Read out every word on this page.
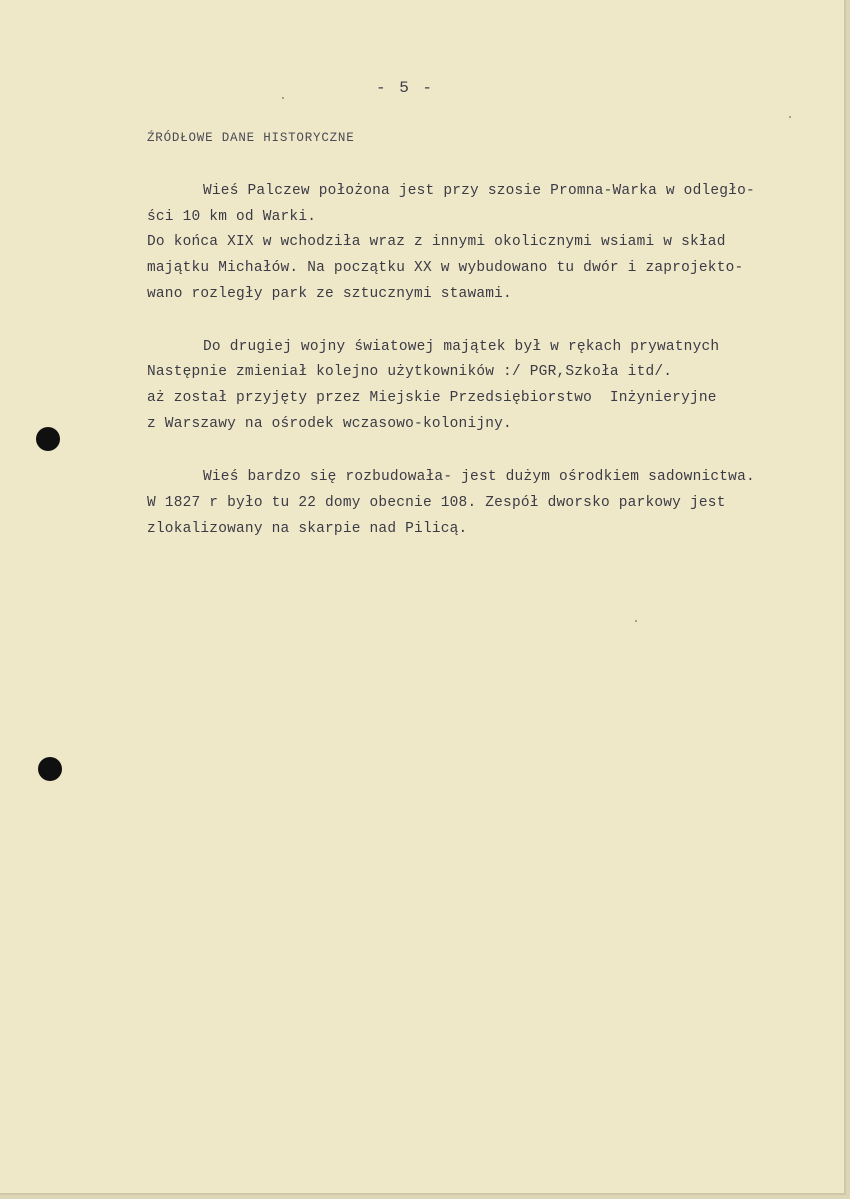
- 5 -
ŹRÓDŁOWE DANE HISTORYCZNE
Wieś Palczew położona jest przy szosie Promna-Warka w odległo-
ści 10 km od Warki.
Do końca XIX w wchodziła wraz z innymi okolicznymi wsiami w skład
majątku Michałów. Na początku XX w wybudowano tu dwór i zaprojekto-
wano rozległy park ze sztucznymi stawami.
Do drugiej wojny światowej majątek był w rękach prywatnych
Następnie zmieniał kolejno użytkowników :/ PGR,Szkoła itd/.
aż został przyjęty przez Miejskie Przedsiębiorstwo  Inżynieryjne
z Warszawy na ośrodek wczasowo-kolonijny.
Wieś bardzo się rozbudowała- jest dużym ośrodkiem sadownictwa.
W 1827 r było tu 22 domy obecnie 108. Zespół dworsko parkowy jest
zlokalizowany na skarpie nad Pilicą.
